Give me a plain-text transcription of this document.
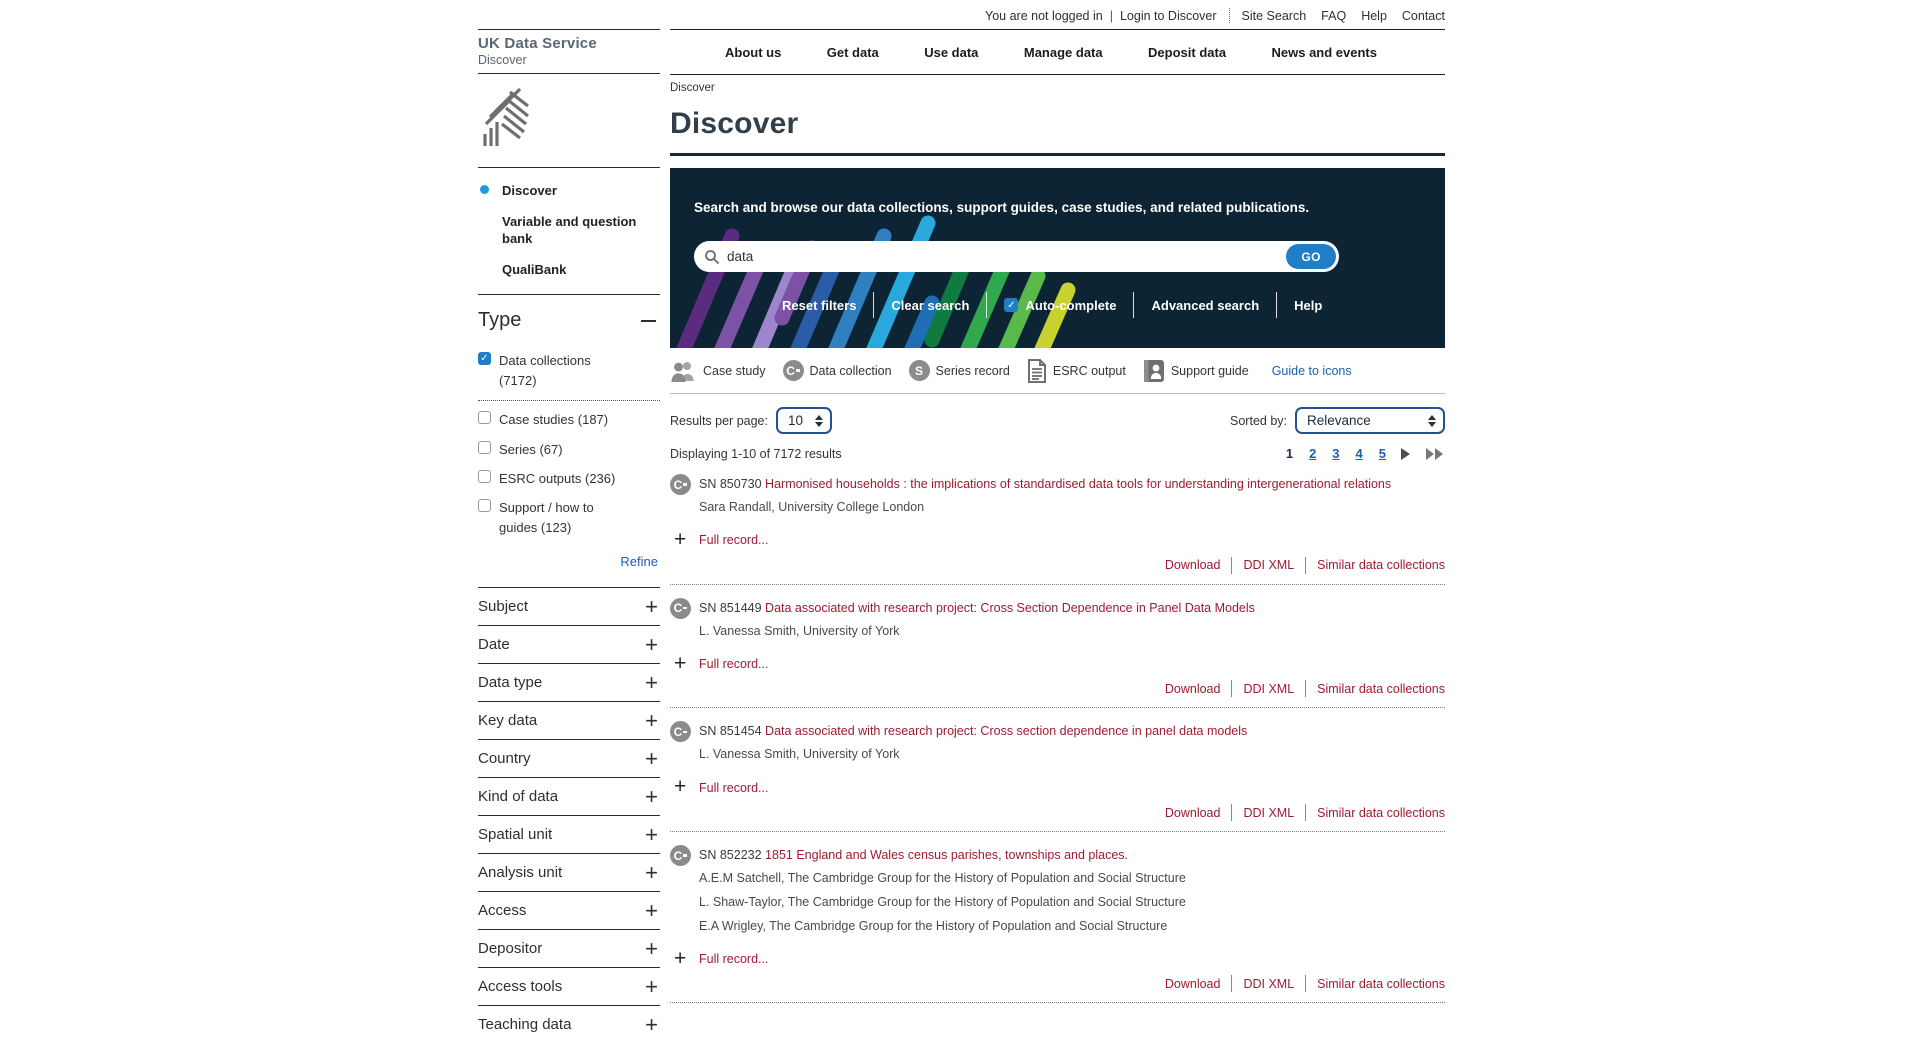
You are not logged in | Login to Discover Site Search FAQ Help Contact
UK Data Service
Discover
Discover
Variable and question bank
QualiBank
Type
✓ Data collections (7172)
Case studies (187)
Series (67)
ESRC outputs (236)
Support / how to guides (123)
Refine
Subject	+
Date	+
Data type	+
Key data	+
Country	+
Kind of data	+
Spatial unit	+
Analysis unit	+
Access	+
Depositor	+
Access tools	+
Teaching data	+
About us	Get data	Use data	Manage data	Deposit data	News and events
Discover
Discover
Search and browse our data collections, support guides, case studies, and related publications.
data
GO
Reset filters	Clear search	✓ Auto-complete	Advanced search	Help
Case study C Data collection S Series record	ESRC output	Support guide Guide to icons
Results per page: 10	Sorted by: Relevance
Displaying 1-10 of 7172 results	1 2 3 4 5
C SN 850730 Harmonised households : the implications of standardised data tools for understanding intergenerational relations
Sara Randall, University College London
+	Full record...
Download DDI XML Similar data collections
C SN 851449 Data associated with research project: Cross Section Dependence in Panel Data Models
L. Vanessa Smith, University of York
+	Full record...
Download DDI XML Similar data collections
C SN 851454 Data associated with research project: Cross section dependence in panel data models
L. Vanessa Smith, University of York
+	Full record...
Download DDI XML Similar data collections
C SN 852232 1851 England and Wales census parishes, townships and places.
A.E.M Satchell, The Cambridge Group for the History of Population and Social Structure
L. Shaw-Taylor, The Cambridge Group for the History of Population and Social Structure
E.A Wrigley, The Cambridge Group for the History of Population and Social Structure
+	Full record...
Download DDI XML Similar data collections
